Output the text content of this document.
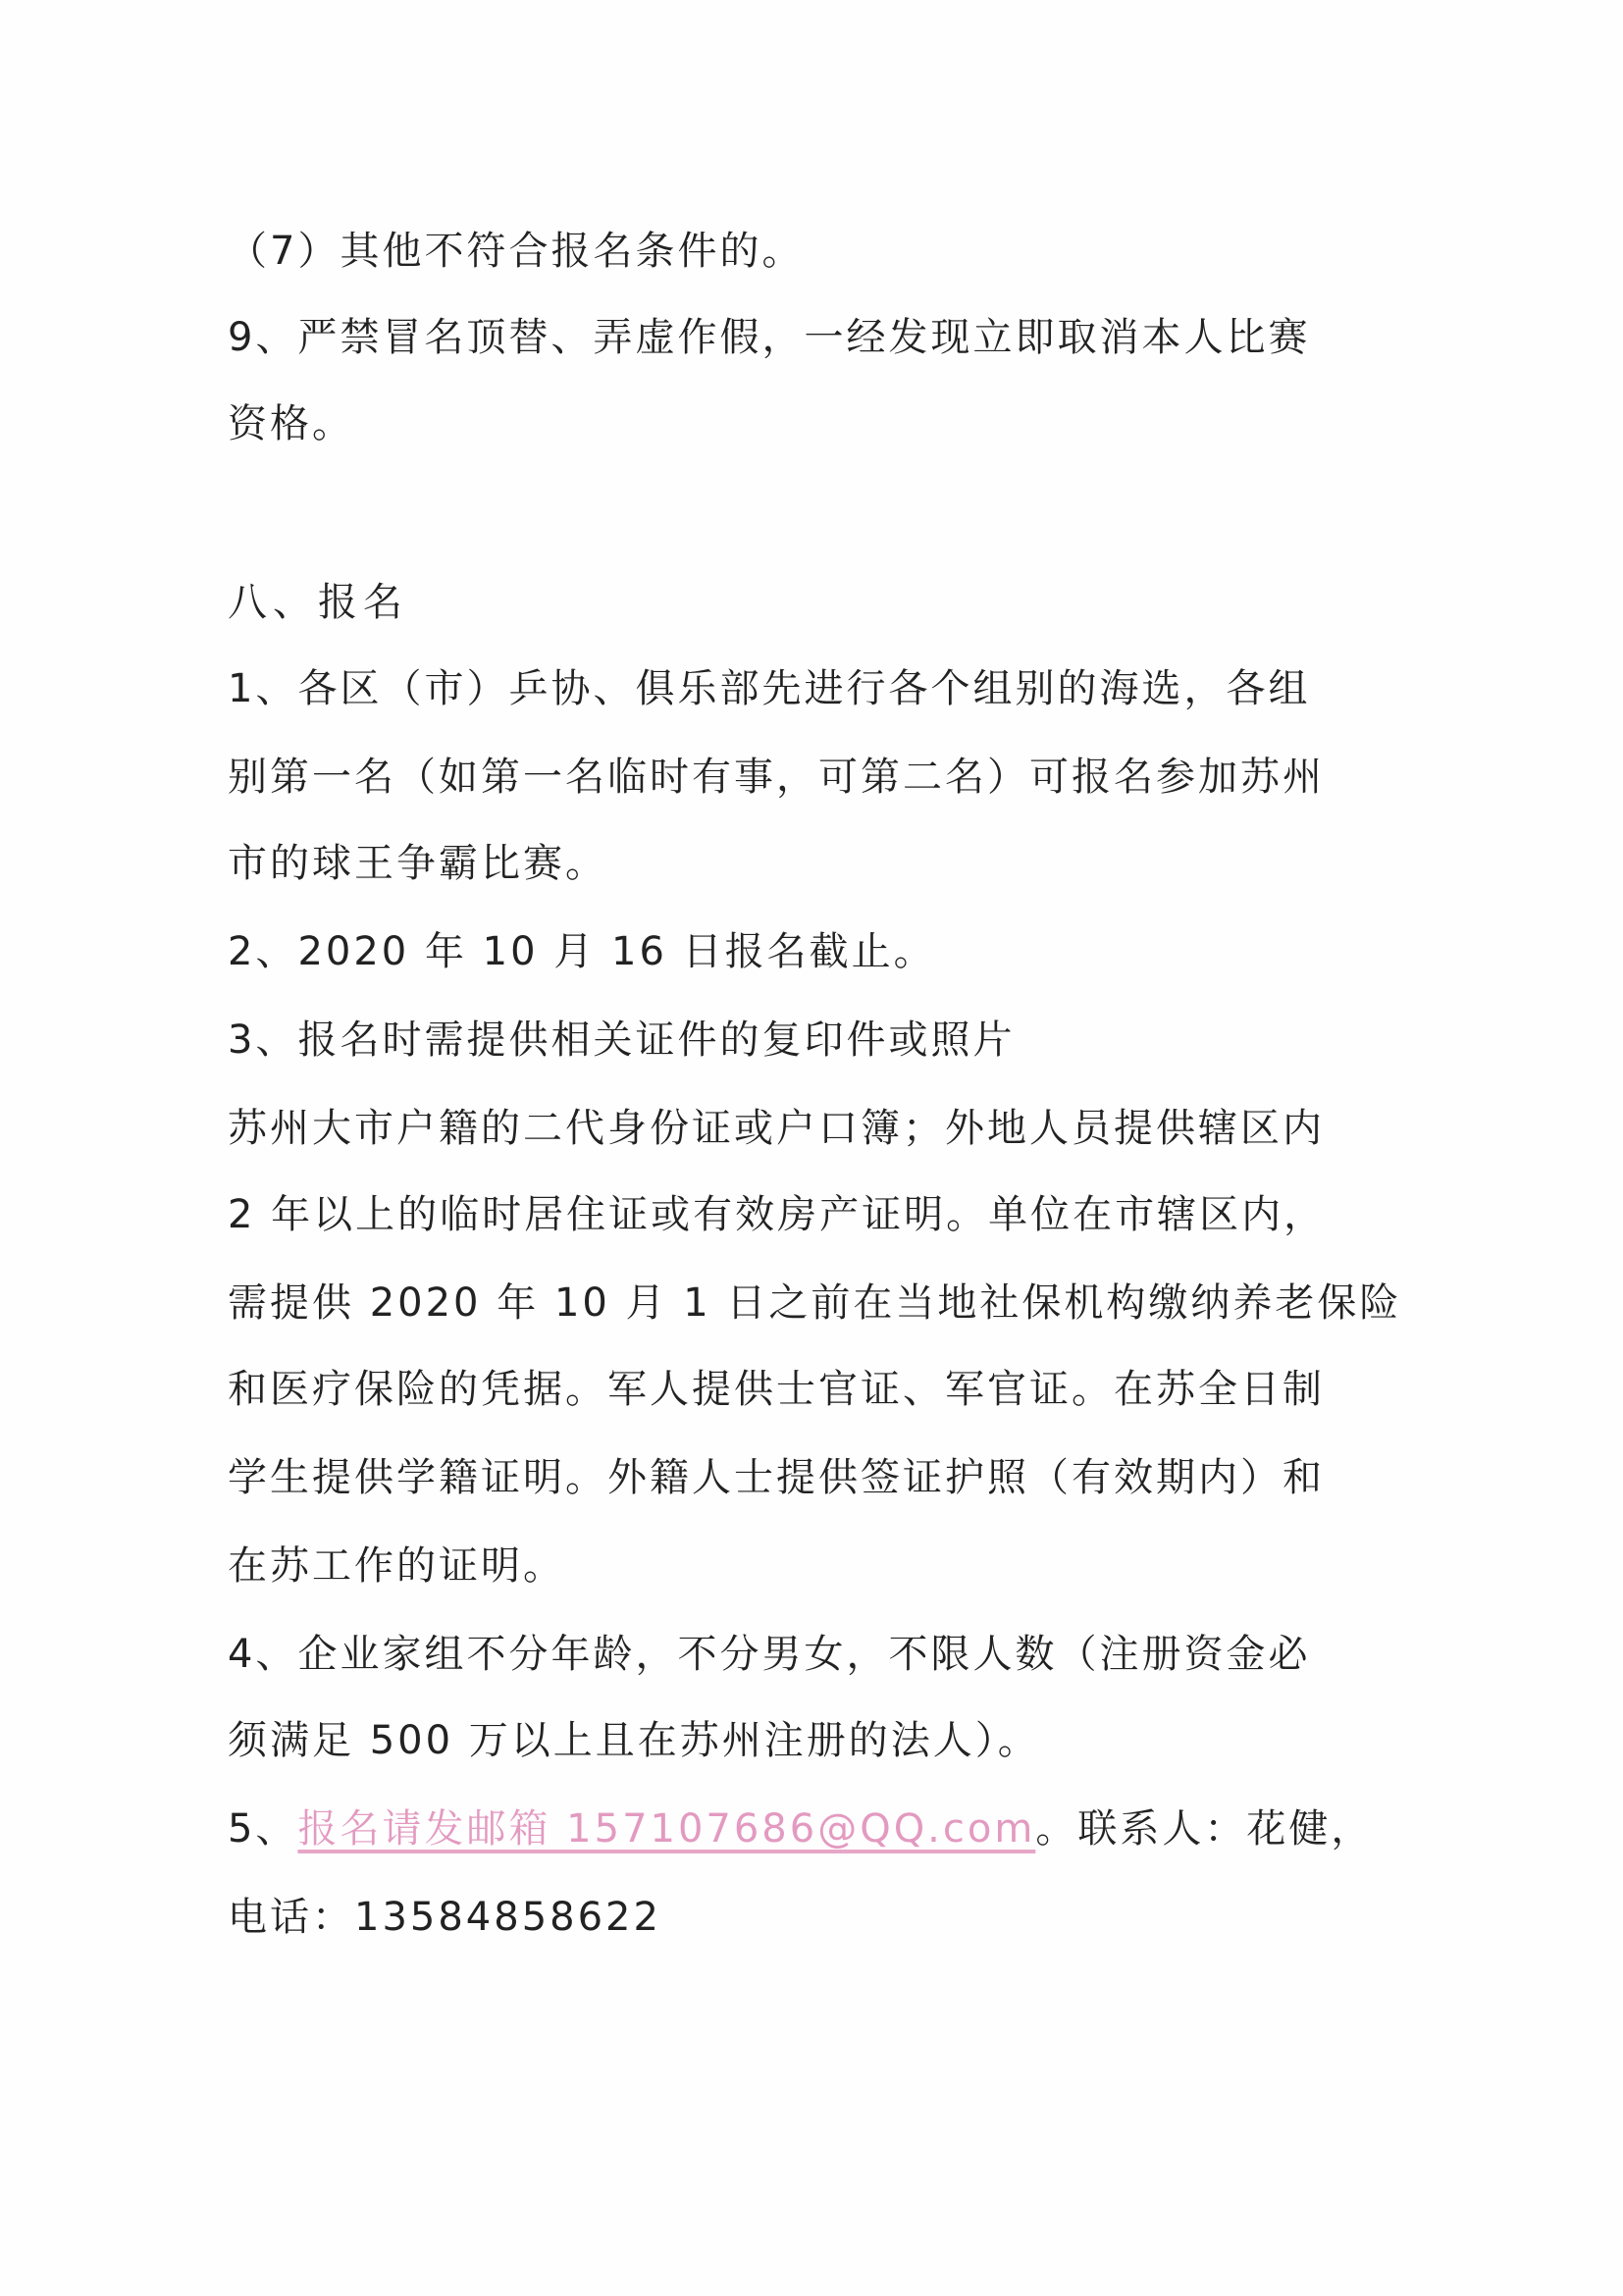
（7）其他不符合报名条件的。
9、严禁冒名顶替、弄虚作假，一经发现立即取消本人比赛
资格。
八、报名
1、各区（市）乒协、俱乐部先进行各个组别的海选，各组
别第一名（如第一名临时有事，可第二名）可报名参加苏州
市的球王争霸比赛。
2、2020 年 10 月 16 日报名截止。
3、报名时需提供相关证件的复印件或照片
苏州大市户籍的二代身份证或户口簿；外地人员提供辖区内
2 年以上的临时居住证或有效房产证明。单位在市辖区内，
需提供 2020 年 10 月 1 日之前在当地社保机构缴纳养老保险
和医疗保险的凭据。军人提供士官证、军官证。在苏全日制
学生提供学籍证明。外籍人士提供签证护照（有效期内）和
在苏工作的证明。
4、企业家组不分年龄，不分男女，不限人数（注册资金必
须满足 500 万以上且在苏州注册的法人）。
5、报名请发邮箱 157107686@QQ.com。联系人：花健，
电话：13584858622
